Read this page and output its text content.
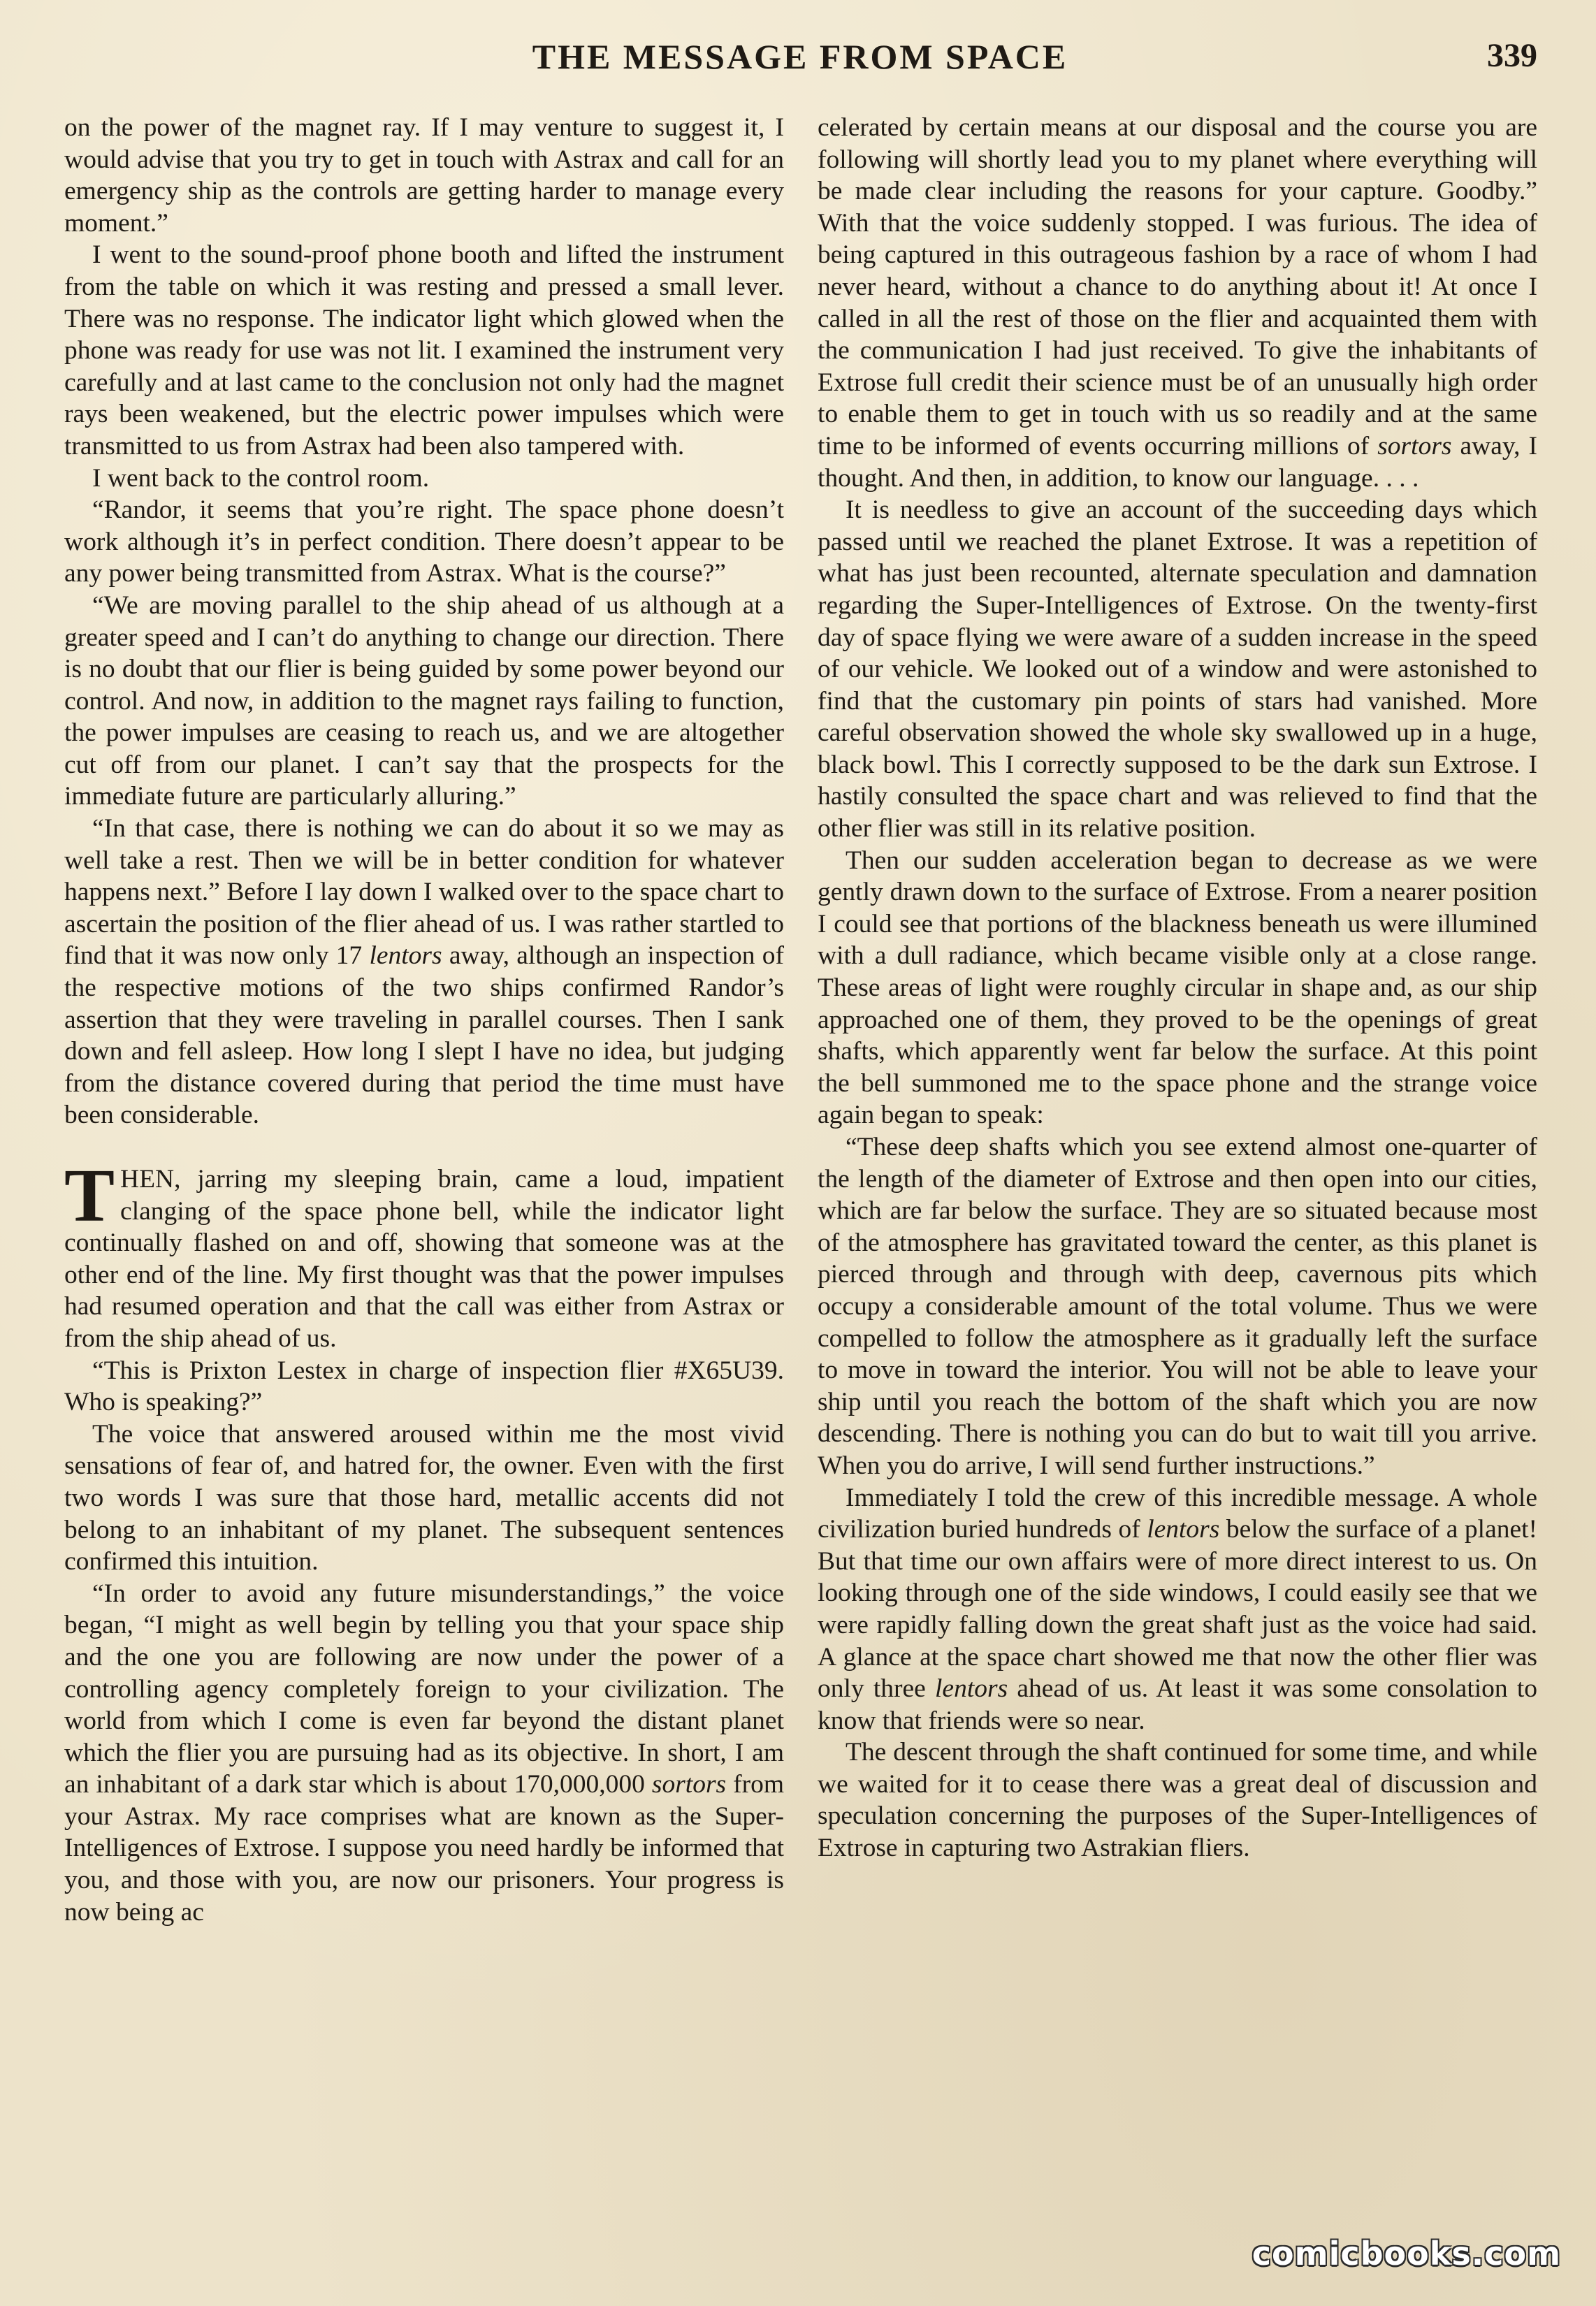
THE MESSAGE FROM SPACE	339

on the power of the magnet ray. If I may venture to suggest it, I would advise that you try to get in touch with Astrax and call for an emergency ship as the controls are getting harder to manage every moment.”

I went to the sound-proof phone booth and lifted the instrument from the table on which it was resting and pressed a small lever. There was no response. The indicator light which glowed when the phone was ready for use was not lit. I examined the instrument very carefully and at last came to the conclusion not only had the magnet rays been weakened, but the electric power impulses which were transmitted to us from Astrax had been also tampered with.

I went back to the control room.

“Randor, it seems that you’re right. The space phone doesn’t work although it’s in perfect condition. There doesn’t appear to be any power being transmitted from Astrax. What is the course?”

“We are moving parallel to the ship ahead of us although at a greater speed and I can’t do anything to change our direction. There is no doubt that our flier is being guided by some power beyond our control. And now, in addition to the magnet rays failing to function, the power impulses are ceasing to reach us, and we are altogether cut off from our planet. I can’t say that the prospects for the immediate future are particularly alluring.”

“In that case, there is nothing we can do about it so we may as well take a rest. Then we will be in better condition for whatever happens next.” Before I lay down I walked over to the space chart to ascertain the position of the flier ahead of us. I was rather startled to find that it was now only 17 lentors away, although an inspection of the respective motions of the two ships confirmed Randor’s assertion that they were traveling in parallel courses. Then I sank down and fell asleep. How long I slept I have no idea, but judging from the distance covered during that period the time must have been considerable.

THEN, jarring my sleeping brain, came a loud, impatient clanging of the space phone bell, while the indicator light continually flashed on and off, showing that someone was at the other end of the line. My first thought was that the power impulses had resumed operation and that the call was either from Astrax or from the ship ahead of us.

“This is Prixton Lestex in charge of inspection flier #X65U39. Who is speaking?”

The voice that answered aroused within me the most vivid sensations of fear of, and hatred for, the owner. Even with the first two words I was sure that those hard, metallic accents did not belong to an inhabitant of my planet. The subsequent sentences confirmed this intuition.

“In order to avoid any future misunderstandings,” the voice began, “I might as well begin by telling you that your space ship and the one you are following are now under the power of a controlling agency completely foreign to your civilization. The world from which I come is even far beyond the distant planet which the flier you are pursuing had as its objective. In short, I am an inhabitant of a dark star which is about 170,000,000 sortors from your Astrax. My race comprises what are known as the Super-Intelligences of Extrose. I suppose you need hardly be informed that you, and those with you, are now our prisoners. Your progress is now being ac

celerated by certain means at our disposal and the course you are following will shortly lead you to my planet where everything will be made clear including the reasons for your capture. Goodby.” With that the voice suddenly stopped. I was furious. The idea of being captured in this outrageous fashion by a race of whom I had never heard, without a chance to do anything about it! At once I called in all the rest of those on the flier and acquainted them with the communication I had just received. To give the inhabitants of Extrose full credit their science must be of an unusually high order to enable them to get in touch with us so readily and at the same time to be informed of events occurring millions of sortors away, I thought. And then, in addition, to know our language. . . .

It is needless to give an account of the succeeding days which passed until we reached the planet Extrose. It was a repetition of what has just been recounted, alternate speculation and damnation regarding the Super-Intelligences of Extrose. On the twenty-first day of space flying we were aware of a sudden increase in the speed of our vehicle. We looked out of a window and were astonished to find that the customary pin points of stars had vanished. More careful observation showed the whole sky swallowed up in a huge, black bowl. This I correctly supposed to be the dark sun Extrose. I hastily consulted the space chart and was relieved to find that the other flier was still in its relative position.

Then our sudden acceleration began to decrease as we were gently drawn down to the surface of Extrose. From a nearer position I could see that portions of the blackness beneath us were illumined with a dull radiance, which became visible only at a close range. These areas of light were roughly circular in shape and, as our ship approached one of them, they proved to be the openings of great shafts, which apparently went far below the surface. At this point the bell summoned me to the space phone and the strange voice again began to speak:

“These deep shafts which you see extend almost one-quarter of the length of the diameter of Extrose and then open into our cities, which are far below the surface. They are so situated because most of the atmosphere has gravitated toward the center, as this planet is pierced through and through with deep, cavernous pits which occupy a considerable amount of the total volume. Thus we were compelled to follow the atmosphere as it gradually left the surface to move in toward the interior. You will not be able to leave your ship until you reach the bottom of the shaft which you are now descending. There is nothing you can do but to wait till you arrive. When you do arrive, I will send further instructions.”

Immediately I told the crew of this incredible message. A whole civilization buried hundreds of lentors below the surface of a planet! But that time our own affairs were of more direct interest to us. On looking through one of the side windows, I could easily see that we were rapidly falling down the great shaft just as the voice had said. A glance at the space chart showed me that now the other flier was only three lentors ahead of us. At least it was some consolation to know that friends were so near.

The descent through the shaft continued for some time, and while we waited for it to cease there was a great deal of discussion and speculation concerning the purposes of the Super-Intelligences of Extrose in capturing two Astrakian fliers.

comicbooks.com
